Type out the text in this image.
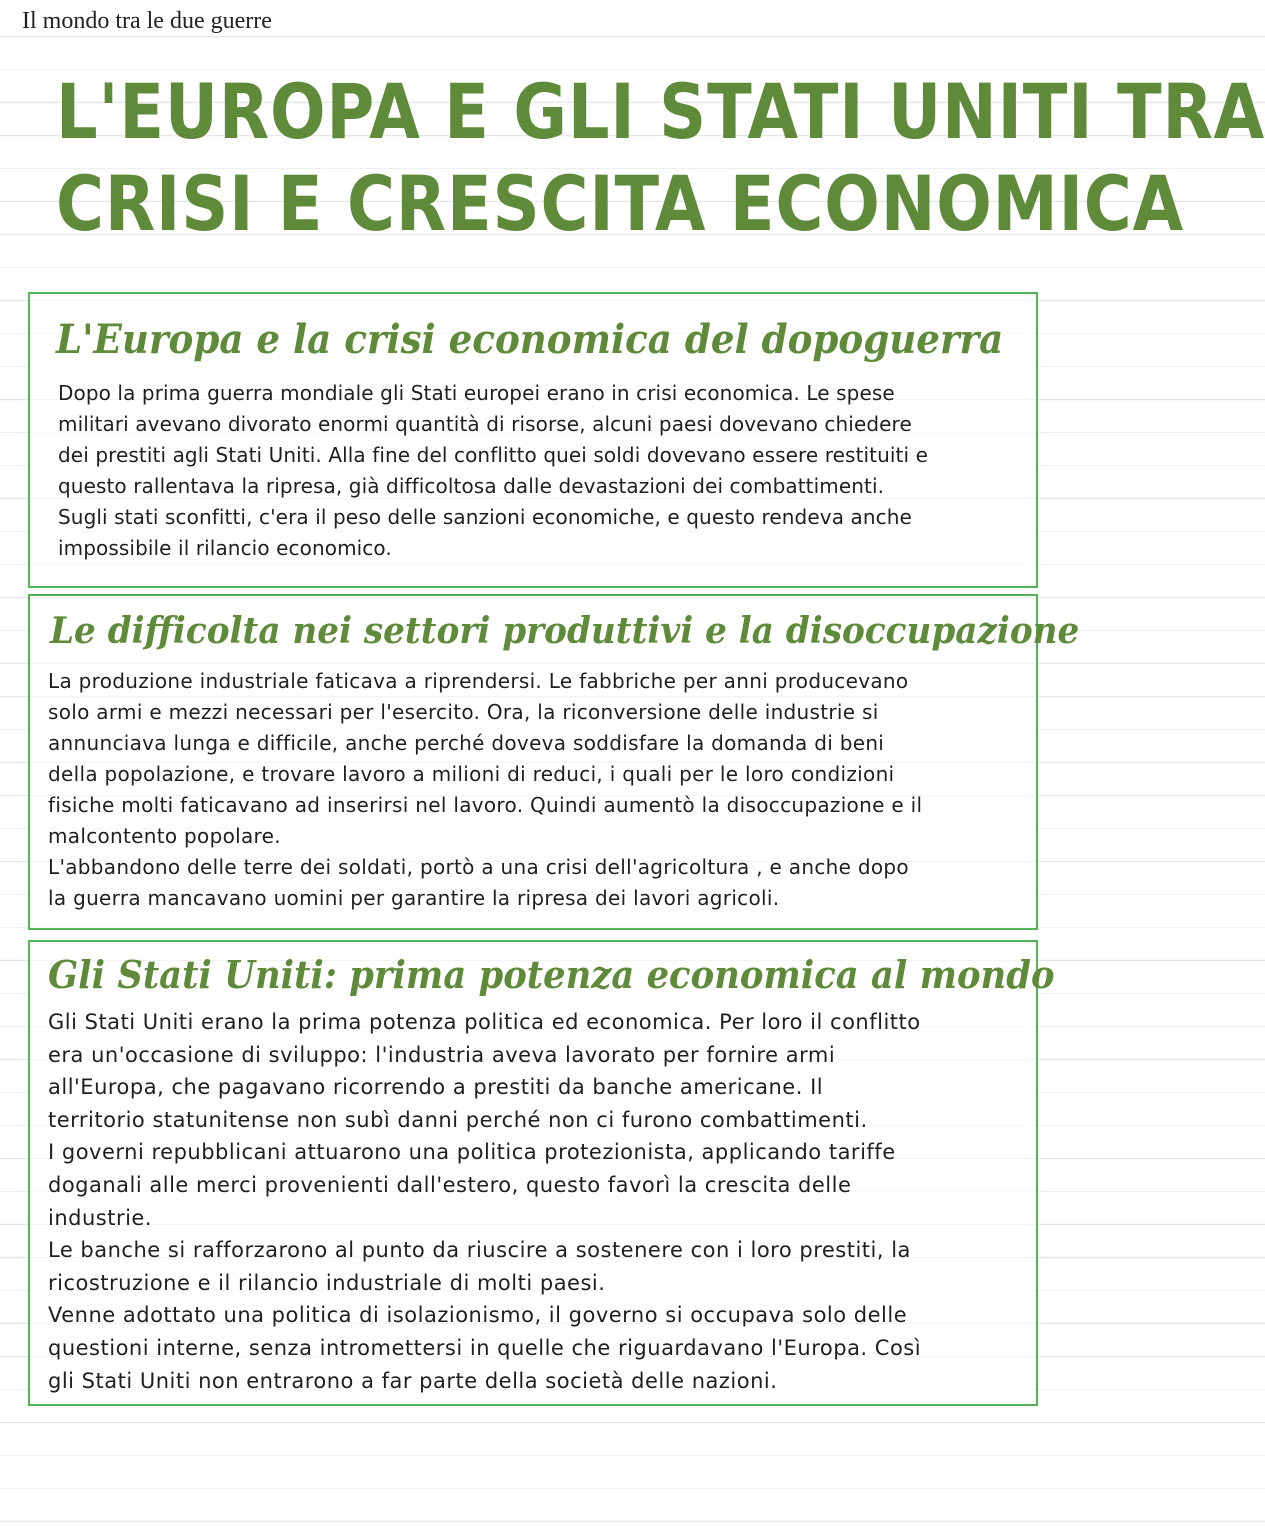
Il mondo tra le due guerre
L'EUROPA E GLI STATI UNITI TRA
CRISI E CRESCITA ECONOMICA
L'Europa e la crisi economica del dopoguerra

Dopo la prima guerra mondiale gli Stati europei erano in crisi economica. Le spese

militari avevano divorato enormi quantità di risorse, alcuni paesi dovevano chiedere

dei prestiti agli Stati Uniti. Alla fine del conflitto quei soldi dovevano essere restituiti e

questo rallentava la ripresa, già difficoltosa dalle devastazioni dei combattimenti.

Sugli stati sconfitti, c'era il peso delle sanzioni economiche, e questo rendeva anche

impossibile il rilancio economico.

Le difficolta nei settori produttivi e la disoccupazione

La produzione industriale faticava a riprendersi. Le fabbriche per anni producevano

solo armi e mezzi necessari per l'esercito. Ora, la riconversione delle industrie si

annunciava lunga e difficile, anche perché doveva soddisfare la domanda di beni

della popolazione, e trovare lavoro a milioni di reduci, i quali per le loro condizioni

fisiche molti faticavano ad inserirsi nel lavoro. Quindi aumentò la disoccupazione e il

malcontento popolare.

L'abbandono delle terre dei soldati, portò a una crisi dell'agricoltura , e anche dopo

la guerra mancavano uomini per garantire la ripresa dei lavori agricoli.

Gli Stati Uniti: prima potenza economica al mondo

Gli Stati Uniti erano la prima potenza politica ed economica. Per loro il conflitto

era un'occasione di sviluppo: l'industria aveva lavorato per fornire armi

all'Europa, che pagavano ricorrendo a prestiti da banche americane. Il

territorio statunitense non subì danni perché non ci furono combattimenti.

I governi repubblicani attuarono una politica protezionista, applicando tariffe

doganali alle merci provenienti dall'estero, questo favorì la crescita delle

industrie.

Le banche si rafforzarono al punto da riuscire a sostenere con i loro prestiti, la

ricostruzione e il rilancio industriale di molti paesi.

Venne adottato una politica di isolazionismo, il governo si occupava solo delle

questioni interne, senza intromettersi in quelle che riguardavano l'Europa. Così

gli Stati Uniti non entrarono a far parte della società delle nazioni.
